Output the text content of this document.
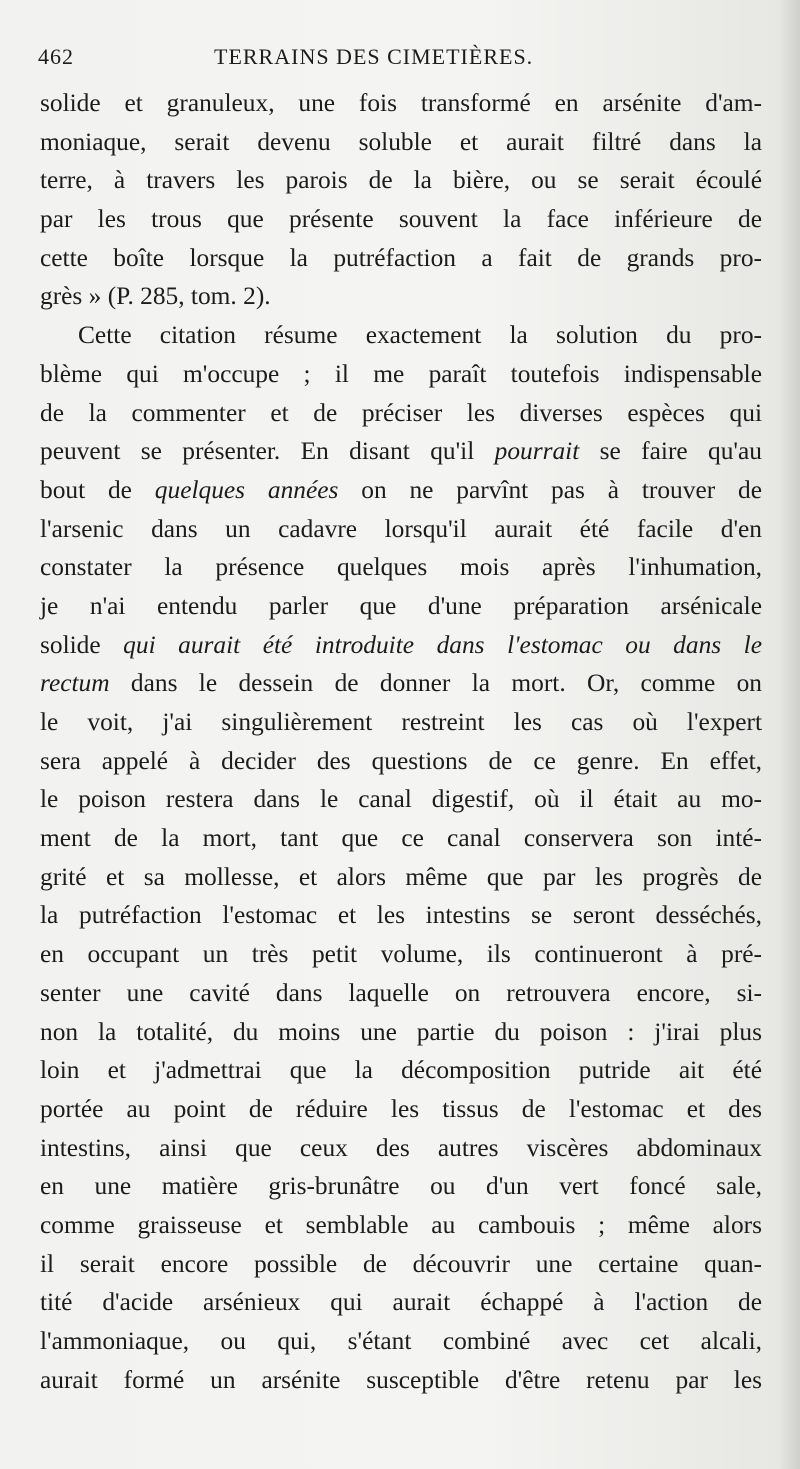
462	TERRAINS DES CIMETIÈRES.
solide et granuleux, une fois transformé en arsénite d'am-
moniaque, serait devenu soluble et aurait filtré dans la
terre, à travers les parois de la bière, ou se serait écoulé
par les trous que présente souvent la face inférieure de
cette boîte lorsque la putréfaction a fait de grands pro-
grès » (P. 285, tom. 2).
Cette citation résume exactement la solution du pro-
blème qui m'occupe ; il me paraît toutefois indispensable
de la commenter et de préciser les diverses espèces qui
peuvent se présenter. En disant qu'il pourrait se faire qu'au
bout de quelques années on ne parvînt pas à trouver de
l'arsenic dans un cadavre lorsqu'il aurait été facile d'en
constater la présence quelques mois après l'inhumation,
je n'ai entendu parler que d'une préparation arsénicale
solide qui aurait été introduite dans l'estomac ou dans le
rectum dans le dessein de donner la mort. Or, comme on
le voit, j'ai singulièrement restreint les cas où l'expert
sera appelé à decider des questions de ce genre. En effet,
le poison restera dans le canal digestif, où il était au mo-
ment de la mort, tant que ce canal conservera son inté-
grité et sa mollesse, et alors même que par les progrès de
la putréfaction l'estomac et les intestins se seront desséchés,
en occupant un très petit volume, ils continueront à pré-
senter une cavité dans laquelle on retrouvera encore, si-
non la totalité, du moins une partie du poison : j'irai plus
loin et j'admettrai que la décomposition putride ait été
portée au point de réduire les tissus de l'estomac et des
intestins, ainsi que ceux des autres viscères abdominaux
en une matière gris-brunâtre ou d'un vert foncé sale,
comme graisseuse et semblable au cambouis ; même alors
il serait encore possible de découvrir une certaine quan-
tité d'acide arsénieux qui aurait échappé à l'action de
l'ammoniaque, ou qui, s'étant combiné avec cet alcali,
aurait formé un arsénite susceptible d'être retenu par les
